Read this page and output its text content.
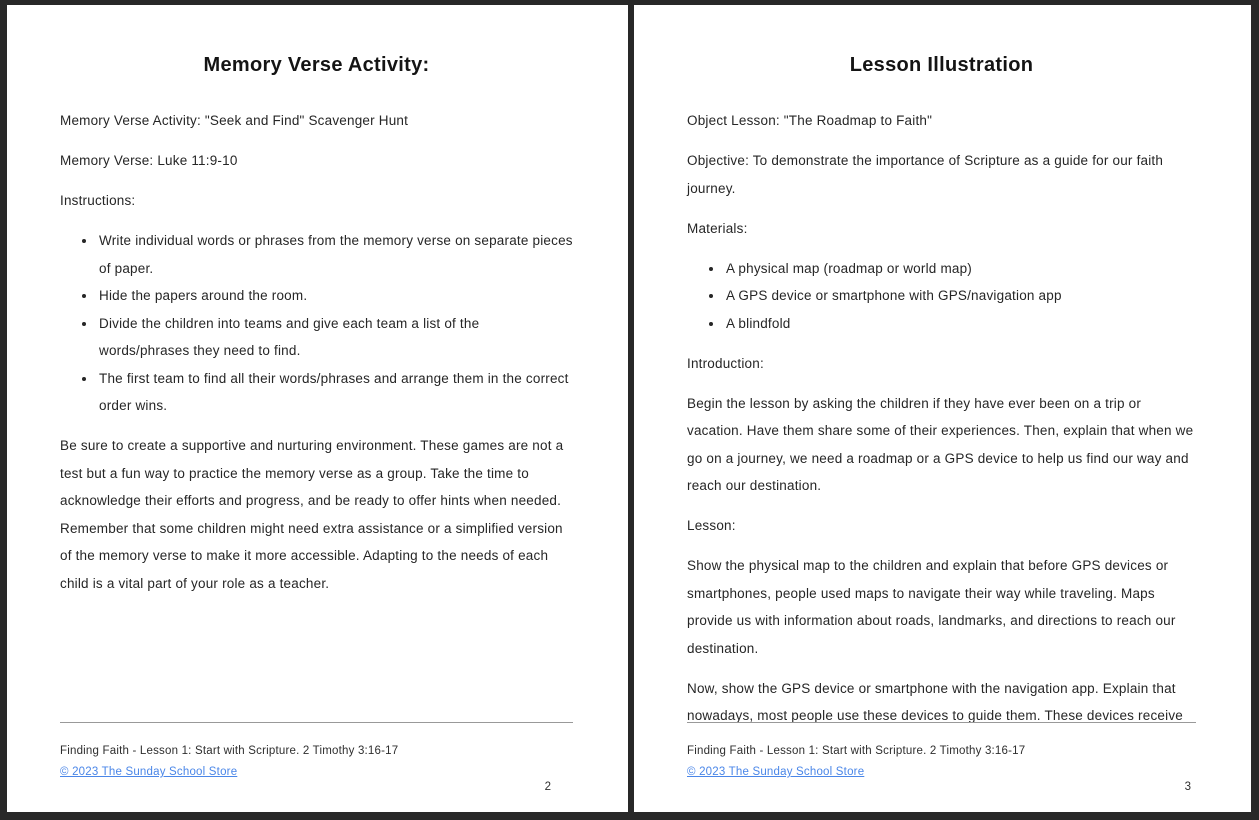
Memory Verse Activity:

Memory Verse Activity: "Seek and Find" Scavenger Hunt

Memory Verse: Luke 11:9-10

Instructions:

• Write individual words or phrases from the memory verse on separate pieces of paper.
• Hide the papers around the room.
• Divide the children into teams and give each team a list of the words/phrases they need to find.
• The first team to find all their words/phrases and arrange them in the correct order wins.

Be sure to create a supportive and nurturing environment. These games are not a test but a fun way to practice the memory verse as a group. Take the time to acknowledge their efforts and progress, and be ready to offer hints when needed. Remember that some children might need extra assistance or a simplified version of the memory verse to make it more accessible. Adapting to the needs of each child is a vital part of your role as a teacher.

Finding Faith - Lesson 1: Start with Scripture. 2 Timothy 3:16-17
© 2023 The Sunday School Store
2
Lesson Illustration

Object Lesson: "The Roadmap to Faith"

Objective: To demonstrate the importance of Scripture as a guide for our faith journey.

Materials:

• A physical map (roadmap or world map)
• A GPS device or smartphone with GPS/navigation app
• A blindfold

Introduction:

Begin the lesson by asking the children if they have ever been on a trip or vacation. Have them share some of their experiences. Then, explain that when we go on a journey, we need a roadmap or a GPS device to help us find our way and reach our destination.

Lesson:

Show the physical map to the children and explain that before GPS devices or smartphones, people used maps to navigate their way while traveling. Maps provide us with information about roads, landmarks, and directions to reach our destination.

Now, show the GPS device or smartphone with the navigation app. Explain that nowadays, most people use these devices to guide them. These devices receive

Finding Faith - Lesson 1: Start with Scripture. 2 Timothy 3:16-17
© 2023 The Sunday School Store
3
